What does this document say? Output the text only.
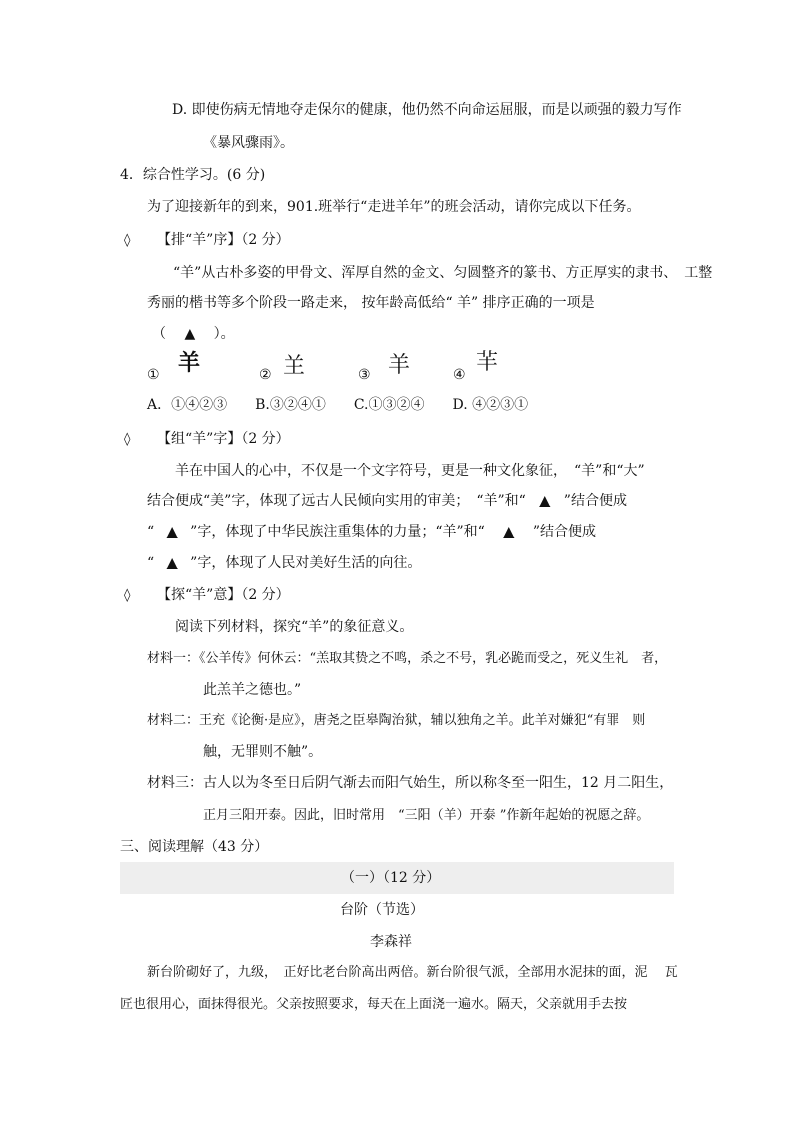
D. 即使伤病无情地夺走保尔的健康，他仍然不向命运屈服，而是以顽强的毅力写作
《暴风骤雨》。
4．综合性学习。(6 分)
为了迎接新年的到来，901.班举行“走进羊年”的班会活动，请你完成以下任务。
◊ 【排“羊”序】（2 分）
“羊”从古朴多姿的甲骨文、浑厚自然的金文、匀圆整齐的篆书、方正厚实的隶书、　工整
秀丽的楷书等多个阶段一路走来， 按年龄高低给“ 羊” 排序正确的一项是
（　 ▲　 ）。
① 羊	② 𦍌	③ 羊	④ 𦍋
A．①④②③　　B.③②④①　　C.①③②④　　D. ④②③①
◊ 【组“羊”字】（2 分）
羊在中国人的心中，不仅是一个文字符号，更是一种文化象征，　“羊”和“大”
结合便成“美”字，体现了远古人民倾向实用的审美；　“羊”和“ ▲ ”结合便成
“ ▲ ”字，体现了中华民族注重集体的力量；“羊”和“ ▲ ”结合便成
“ ▲ ”字，体现了人民对美好生活的向往。
◊ 【探“羊”意】（2 分）
阅读下列材料，探究“羊”的象征意义。
材料一：《公羊传》何休云：“羔取其贽之不鸣，杀之不号，乳必跪而受之，死义生礼　者，
此羔羊之德也。”
材料二：王充《论衡·是应》，唐尧之臣皋陶治狱，辅以独角之羊。此羊对嫌犯“有罪　则
触，无罪则不触”。
材料三：古人以为冬至日后阴气渐去而阳气始生，所以称冬至一阳生，12 月二阳生，
正月三阳开泰。因此，旧时常用　“三阳（羊）开泰 ”作新年起始的祝愿之辞。
三、阅读理解（43 分）
（一）（12 分）
台阶（节选）
李森祥
新台阶砌好了，九级，　正好比老台阶高出两倍。新台阶很气派，全部用水泥抹的面，泥　 瓦
匠也很用心，面抹得很光。父亲按照要求，每天在上面浇一遍水。隔天，父亲就用手去按
